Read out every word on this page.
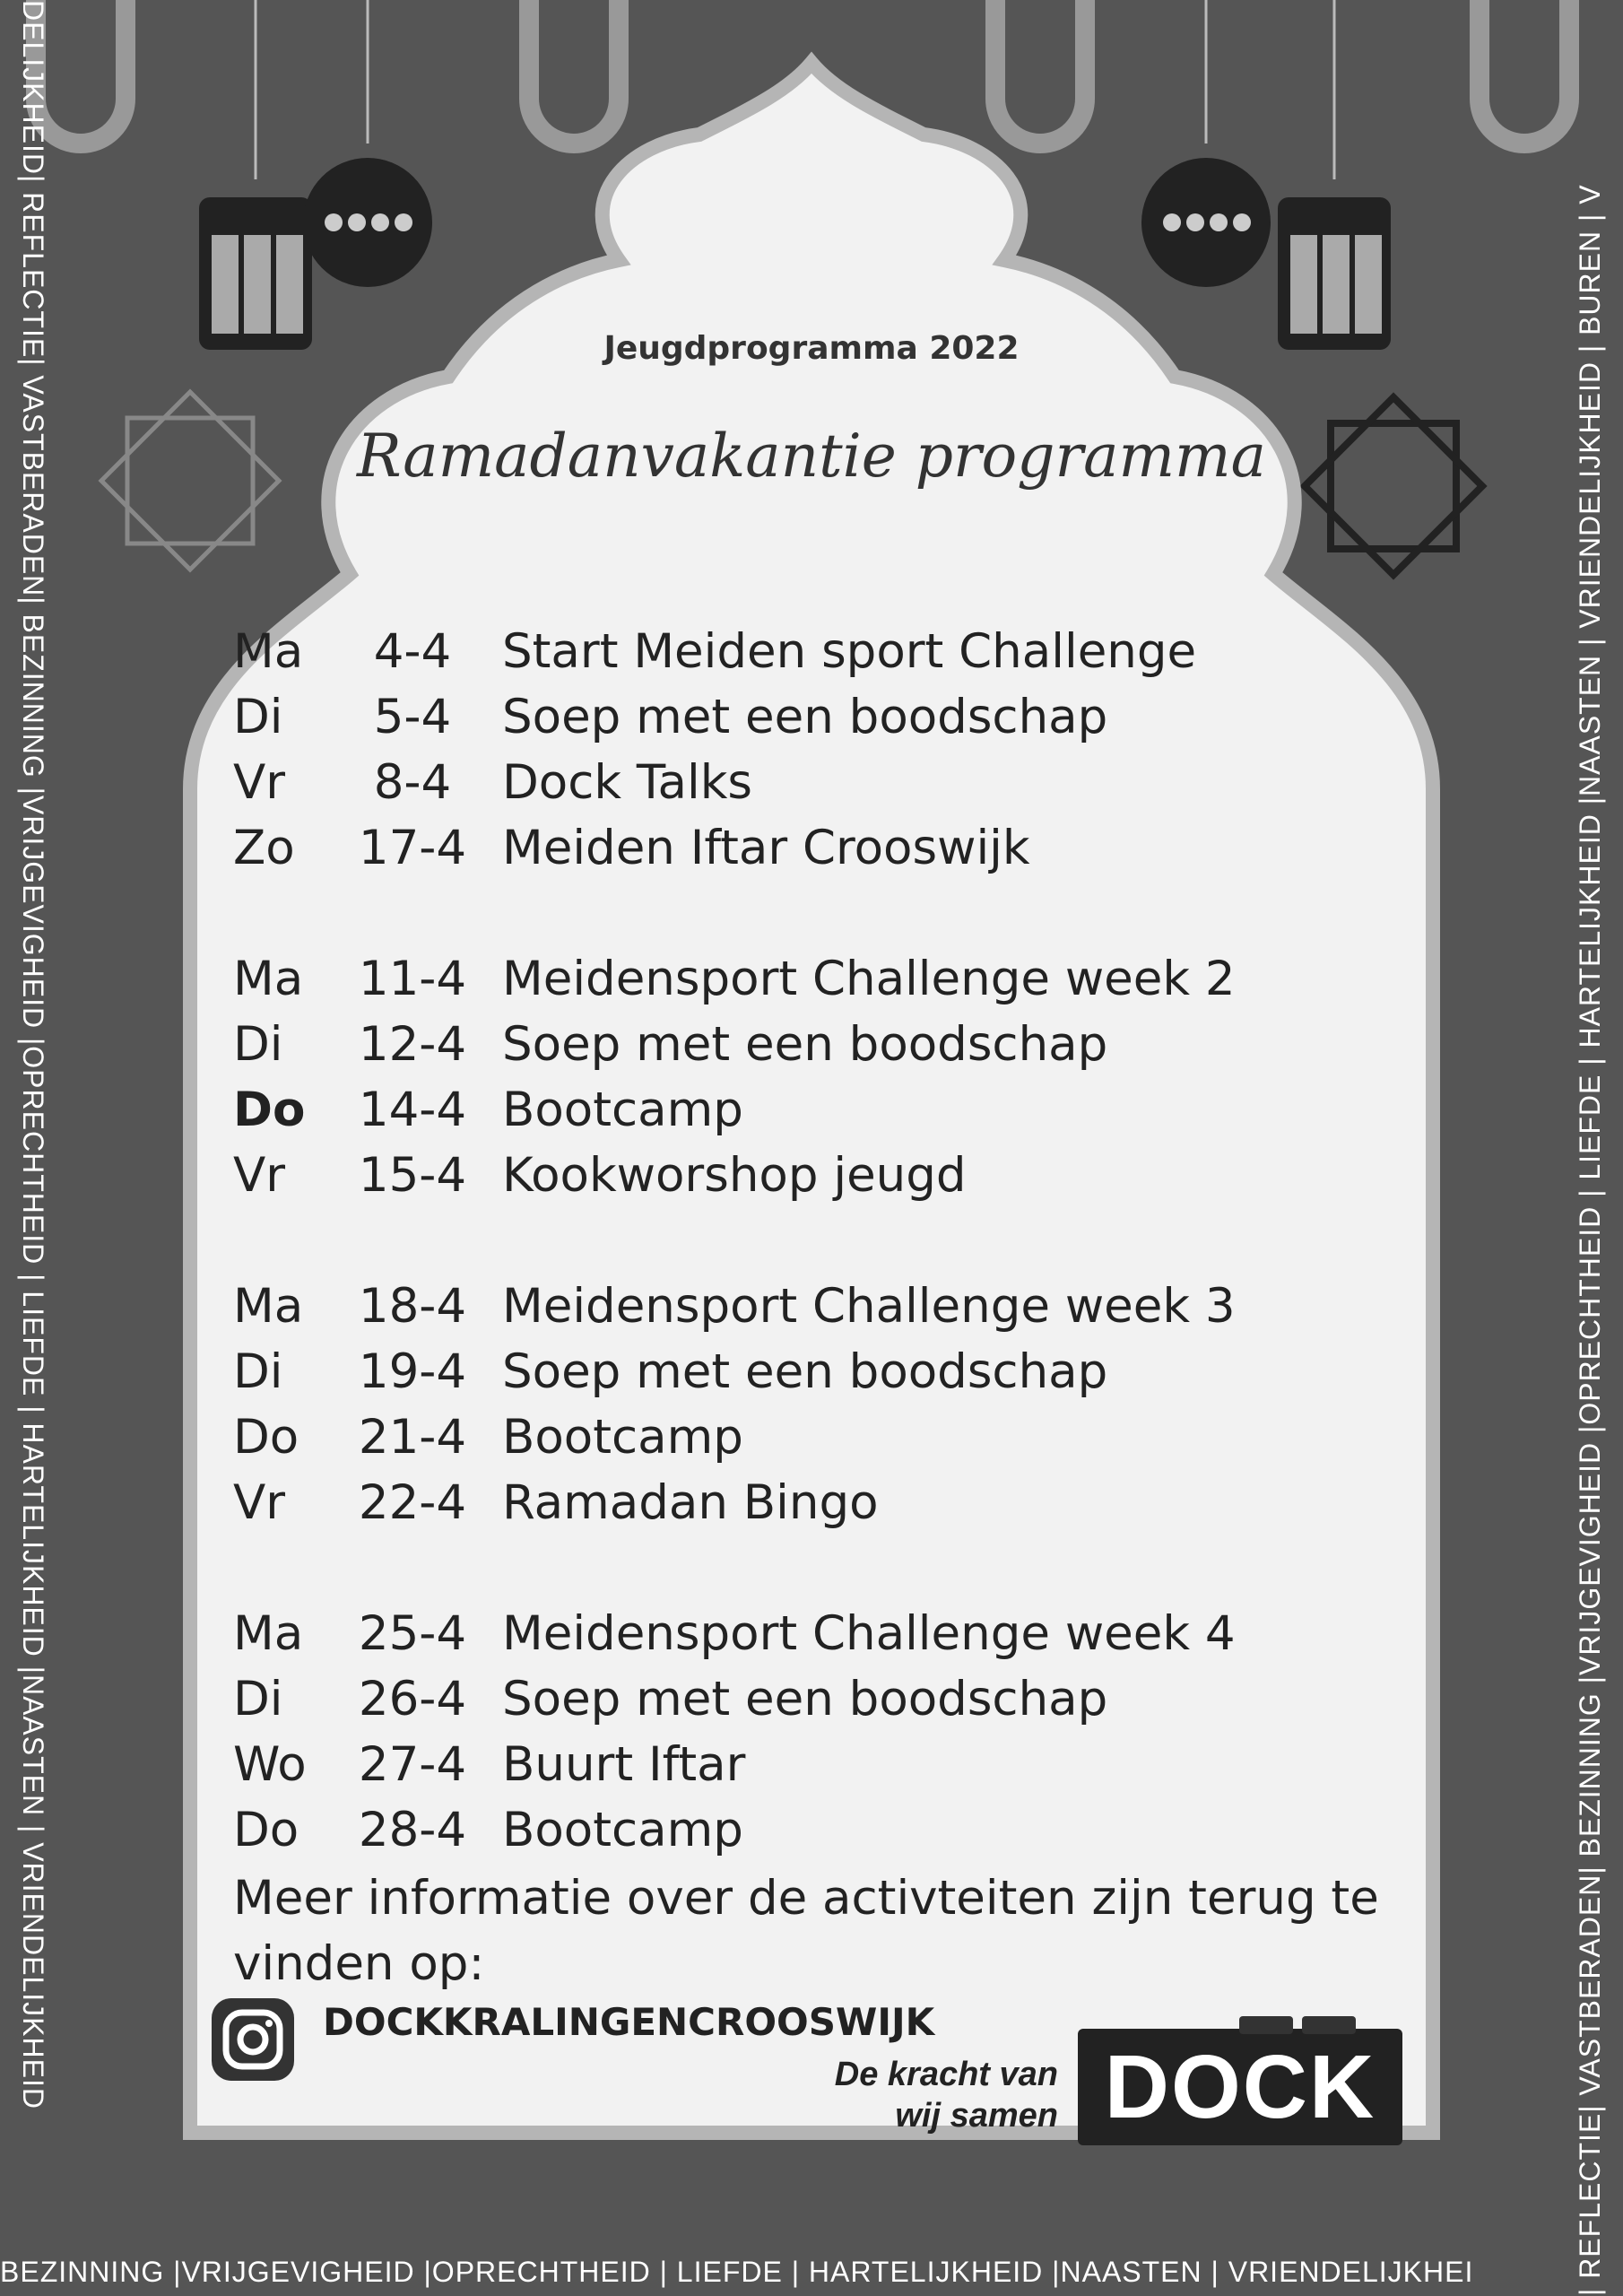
DELIJKHEID| REFLECTIE| VASTBERADEN| BEZINNING |VRIJGEVIGHEID |OPRECHTHEID | LIEFDE | HARTELIJKHEID |NAASTEN | VRIENDELIJKHEID	| REFLECTIE| VASTBERADEN| BEZINNING |VRIJGEVIGHEID |OPRECHTHEID | LIEFDE | HARTELIJKHEID |NAASTEN | VRIENDELIJKHEID | BUREN | V
BEZINNING |VRIJGEVIGHEID |OPRECHTHEID | LIEFDE | HARTELIJKHEID |NAASTEN | VRIENDELIJKHEI
Jeugdprogramma 2022
Ramadanvakantie programma
Ma 4-4 Start Meiden sport Challenge
Di 5-4 Soep met een boodschap
Vr 8-4 Dock Talks
Zo 17-4 Meiden Iftar Crooswijk
Ma 11-4 Meidensport Challenge week 2
Di 12-4 Soep met een boodschap
Do 14-4 Bootcamp
Vr 15-4 Kookworshop jeugd
Ma 18-4 Meidensport Challenge week 3
Di 19-4 Soep met een boodschap
Do 21-4 Bootcamp
Vr 22-4 Ramadan Bingo
Ma 25-4 Meidensport Challenge week 4
Di 26-4 Soep met een boodschap
Wo 27-4 Buurt Iftar
Do 28-4 Bootcamp
Meer informatie over de activteiten zijn terug te vinden op:
DOCKKRALINGENCROOSWIJK
De kracht van
wij samen DOCK
